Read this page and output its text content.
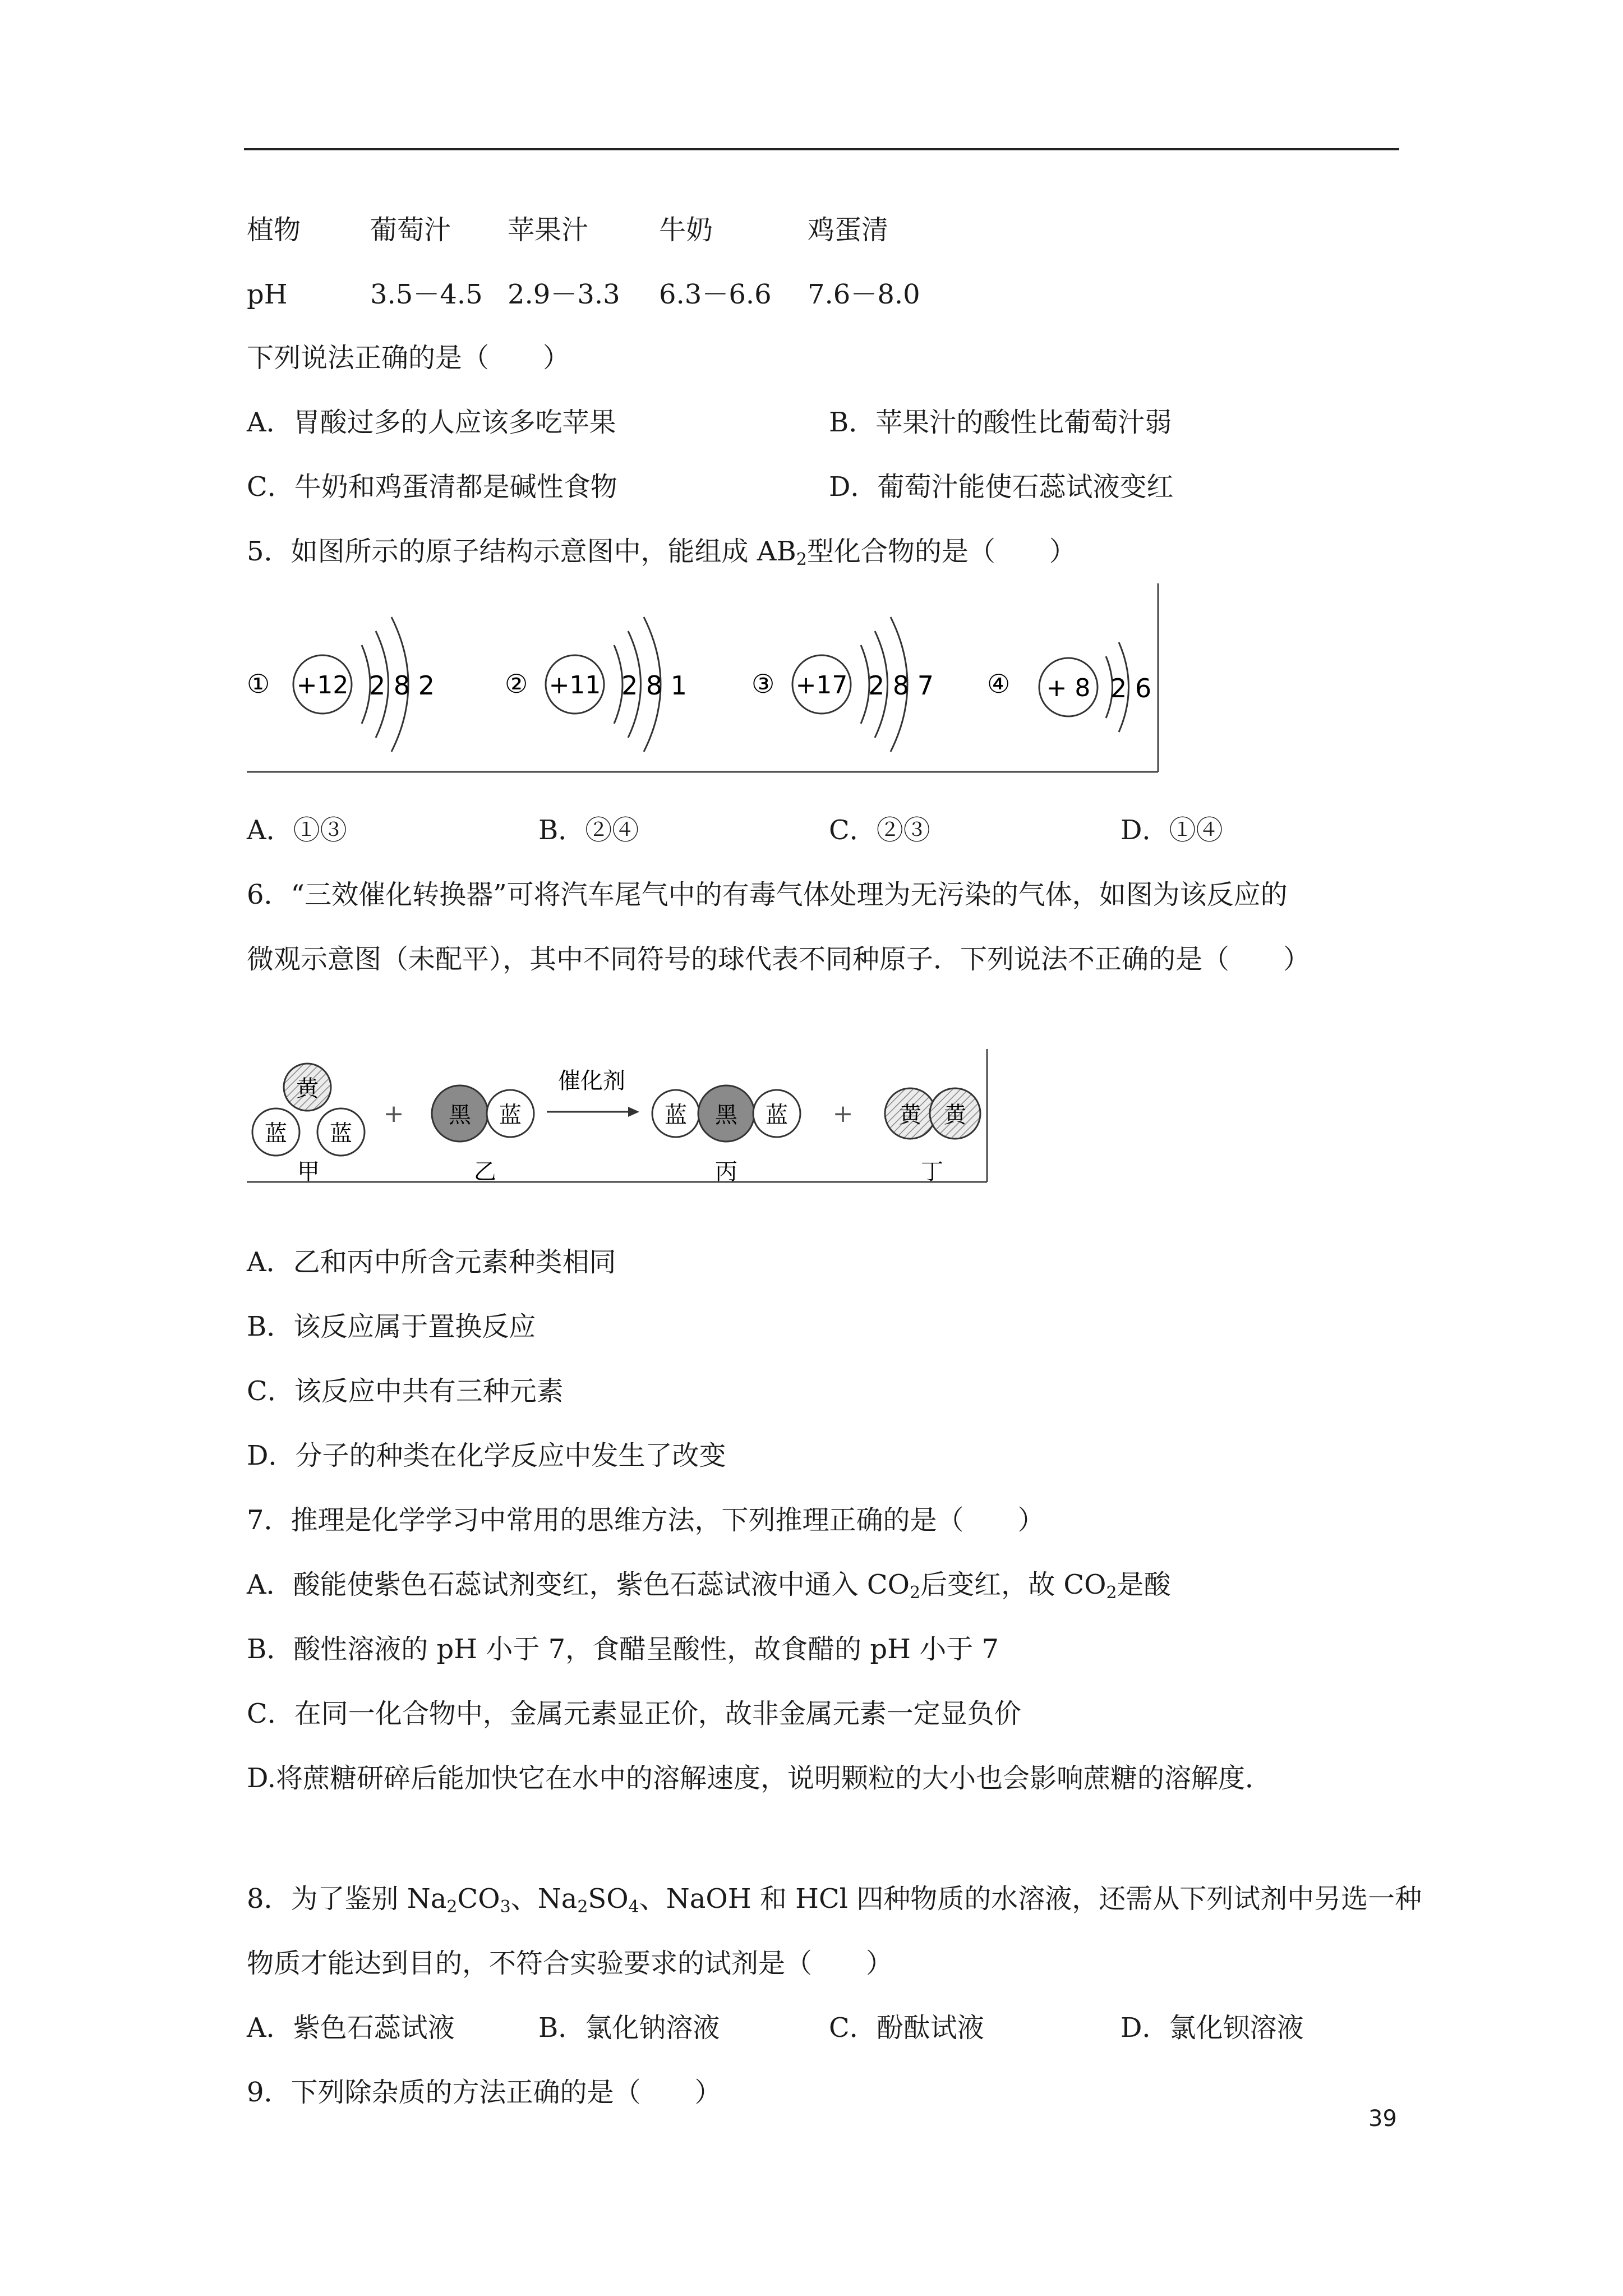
植物	葡萄汁 苹果汁	牛奶	鸡蛋清
pH	3.5－4.5 2.9－3.3 6.3－6.6 7.6－8.0
下列说法正确的是（　　）
A．胃酸过多的人应该多吃苹果	B．苹果汁的酸性比葡萄汁弱
C．牛奶和鸡蛋清都是碱性食物	D．葡萄汁能使石蕊试液变红
5．如图所示的原子结构示意图中，能组成 $AB_2$型化合物的是（　　）
① +12 2 8 2	② +11 2 8 1 ③ +17 2 8 7 ④ + 8 2 6
A．①③	B．②④	C．②③	D．①④
6．“三效催化转换器”可将汽车尾气中的有毒气体处理为无污染的气体，如图为该反应的
微观示意图（未配平），其中不同符号的球代表不同种原子．下列说法不正确的是（　　）
黄
蓝 蓝
甲
+ 黑 蓝
乙
催化剂
蓝 黑 蓝
丙
+ 黄 黄
丁
A．乙和丙中所含元素种类相同
B．该反应属于置换反应
C．该反应中共有三种元素
D．分子的种类在化学反应中发生了改变
7．推理是化学学习中常用的思维方法，下列推理正确的是（　　）
A．酸能使紫色石蕊试剂变红，紫色石蕊试液中通入 $CO_2$后变红，故 $CO_2$是酸
B．酸性溶液的 pH 小于 7，食醋呈酸性，故食醋的 pH 小于 7
C．在同一化合物中，金属元素显正价，故非金属元素一定显负价
D.将蔗糖研碎后能加快它在水中的溶解速度，说明颗粒的大小也会影响蔗糖的溶解度．
8．为了鉴别 $Na_2CO_3$、$Na_2SO_4$、NaOH 和 HCl 四种物质的水溶液，还需从下列试剂中另选一种
物质才能达到目的，不符合实验要求的试剂是（　　）
A．紫色石蕊试液	B．氯化钠溶液	C．酚酞试液	D．氯化钡溶液
9．下列除杂质的方法正确的是（　　）
39
